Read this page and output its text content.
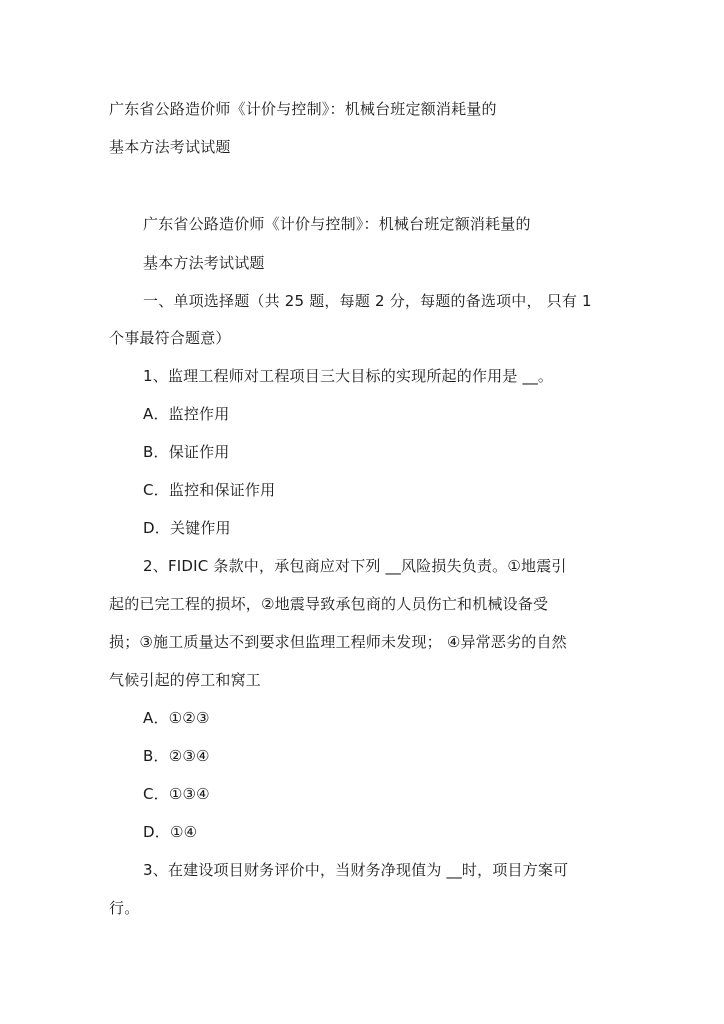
广东省公路造价师《计价与控制》：机械台班定额消耗量的
基本方法考试试题
广东省公路造价师《计价与控制》：机械台班定额消耗量的
基本方法考试试题
一、单项选择题（共 25 题，每题 2 分，每题的备选项中， 只有 1
个事最符合题意）
1、监理工程师对工程项目三大目标的实现所起的作用是 __。
A．监控作用
B．保证作用
C．监控和保证作用
D．关键作用
2、FIDIC 条款中，承包商应对下列 __风险损失负责。①地震引
起的已完工程的损坏，②地震导致承包商的人员伤亡和机械设备受
损；③施工质量达不到要求但监理工程师未发现； ④异常恶劣的自然
气候引起的停工和窝工
A．①②③
B．②③④
C．①③④
D．①④
3、在建设项目财务评价中，当财务净现值为 __时，项目方案可
行。
